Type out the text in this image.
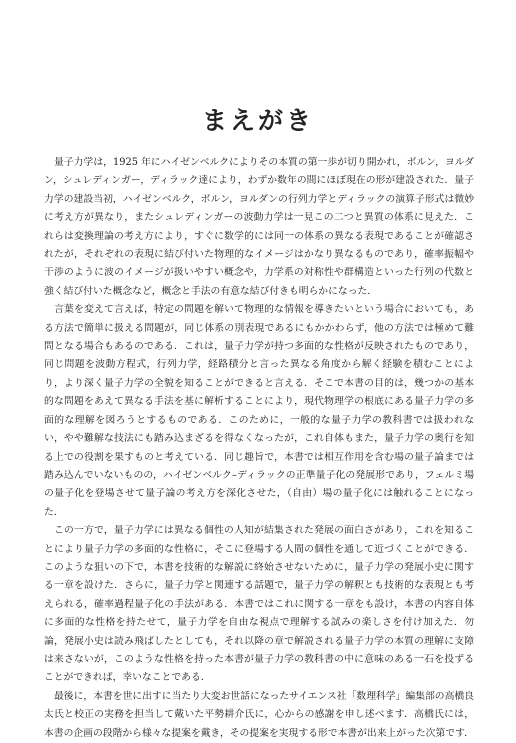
まえがき

量子力学は，1925 年にハイゼンベルクによりその本質の第一歩が切り開かれ，ボルン，ヨルダン，シュレディンガー，ディラック達により，わずか数年の間にほぼ現在の形が建設された．量子力学の建設当初，ハイゼンベルク，ボルン，ヨルダンの行列力学とディラックの演算子形式は微妙に考え方が異なり，またシュレディンガーの波動力学は一見この二つと異質の体系に見えた．これらは変換理論の考え方により，すぐに数学的には同一の体系の異なる表現であることが確認されたが，それぞれの表現に結び付いた物理的なイメージはかなり異なるものであり，確率振幅や干渉のように波のイメージが扱いやすい概念や，力学系の対称性や群構造といった行列の代数と強く結び付いた概念など，概念と手法の有意な結び付きも明らかになった．

言葉を変えて言えば，特定の問題を解いて物理的な情報を導きたいという場合においても，ある方法で簡単に扱える問題が，同じ体系の別表現であるにもかかわらず，他の方法では極めて難問となる場合もあるのである．これは，量子力学が持つ多面的な性格が反映されたものであり，同じ問題を波動方程式，行列力学，経路積分と言った異なる角度から解く経験を積むことにより，より深く量子力学の全貌を知ることができると言える．そこで本書の目的は，幾つかの基本的な問題をあえて異なる手法を基に解析することにより，現代物理学の根底にある量子力学の多面的な理解を図ろうとするものである．このために，一般的な量子力学の教科書では扱われない，やや難解な技法にも踏み込まざるを得なくなったが，これ自体もまた，量子力学の奥行を知る上での役割を果すものと考えている．同じ趣旨で，本書では相互作用を含む場の量子論までは踏み込んでいないものの，ハイゼンベルク–ディラックの正準量子化の発展形であり，フェルミ場の量子化を登場させて量子論の考え方を深化させた，（自由）場の量子化には触れることになった．

この一方で，量子力学には異なる個性の人知が結集された発展の面白さがあり，これを知ることにより量子力学の多面的な性格に，そこに登場する人間の個性を通して近づくことができる．このような狙いの下で，本書を技術的な解説に終始させないために，量子力学の発展小史に関する一章を設けた．さらに，量子力学と関連する話題で，量子力学の解釈とも技術的な表現とも考えられる，確率過程量子化の手法がある．本書ではこれに関する一章をも設け，本書の内容自体に多面的な性格を持たせて，量子力学を自由な視点で理解する試みの楽しさを付け加えた．勿論，発展小史は読み飛ばしたとしても，それ以降の章で解説される量子力学の本質の理解に支障は来さないが，このような性格を持った本書が量子力学の教科書の中に意味のある一石を投ずることができれば，幸いなことである．

最後に，本書を世に出すに当たり大変お世話になったサイエンス社「数理科学」編集部の高橋良太氏と校正の実務を担当して戴いた平勢耕介氏に，心からの感謝を申し述べます．高橋氏には，本書の企画の段階から様々な提案を戴き，その提案を実現する形で本書が出来上がった次第です．
